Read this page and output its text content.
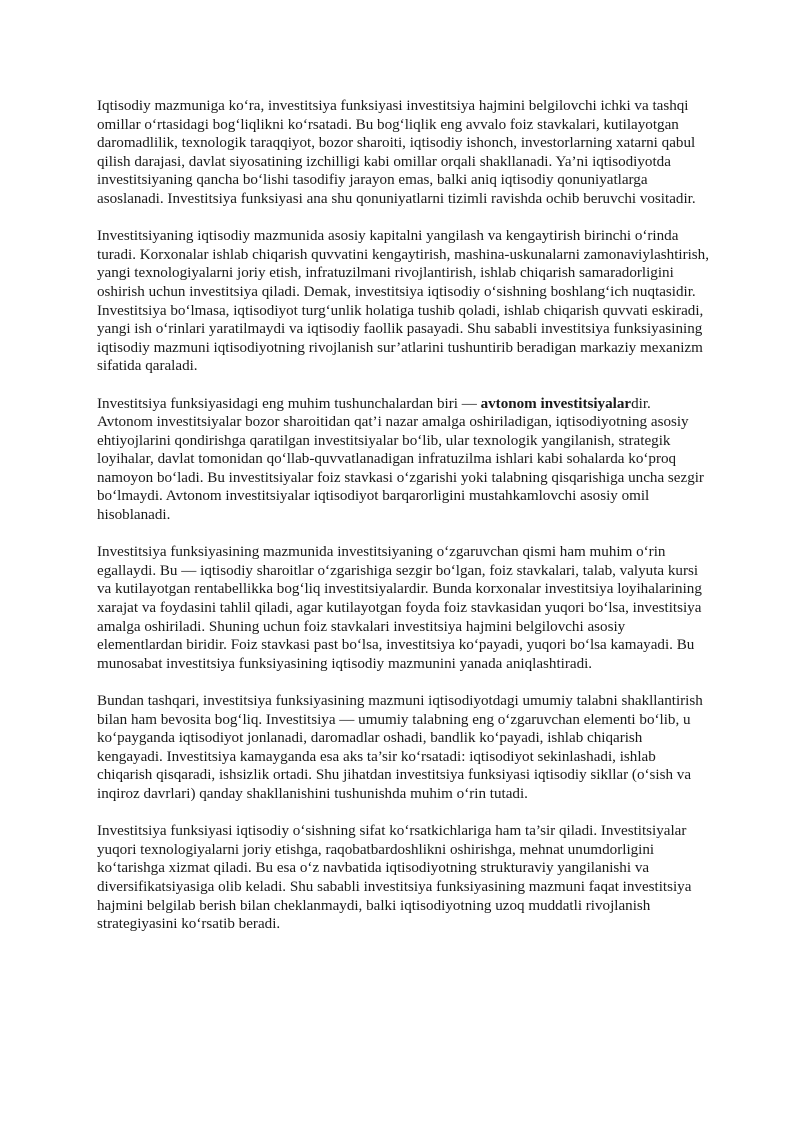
Iqtisodiy mazmuniga ko‘ra, investitsiya funksiyasi investitsiya hajmini belgilovchi ichki va tashqi omillar o‘rtasidagi bog‘liqlikni ko‘rsatadi. Bu bog‘liqlik eng avvalo foiz stavkalari, kutilayotgan daromadlilik, texnologik taraqqiyot, bozor sharoiti, iqtisodiy ishonch, investorlarning xatarni qabul qilish darajasi, davlat siyosatining izchilligi kabi omillar orqali shakllanadi. Ya’ni iqtisodiyotda investitsiyaning qancha bo‘lishi tasodifiy jarayon emas, balki aniq iqtisodiy qonuniyatlarga asoslanadi. Investitsiya funksiyasi ana shu qonuniyatlarni tizimli ravishda ochib beruvchi vositadir.

Investitsiyaning iqtisodiy mazmunida asosiy kapitalni yangilash va kengaytirish birinchi o‘rinda turadi. Korxonalar ishlab chiqarish quvvatini kengaytirish, mashina-uskunalarni zamonaviylashtirish, yangi texnologiyalarni joriy etish, infratuzilmani rivojlantirish, ishlab chiqarish samaradorligini oshirish uchun investitsiya qiladi. Demak, investitsiya iqtisodiy o‘sishning boshlang‘ich nuqtasidir. Investitsiya bo‘lmasa, iqtisodiyot turg‘unlik holatiga tushib qoladi, ishlab chiqarish quvvati eskiradi, yangi ish o‘rinlari yaratilmaydi va iqtisodiy faollik pasayadi. Shu sababli investitsiya funksiyasining iqtisodiy mazmuni iqtisodiyotning rivojlanish sur’atlarini tushuntirib beradigan markaziy mexanizm sifatida qaraladi.

Investitsiya funksiyasidagi eng muhim tushunchalardan biri — avtonom investitsiyalardir. Avtonom investitsiyalar bozor sharoitidan qat’i nazar amalga oshiriladigan, iqtisodiyotning asosiy ehtiyojlarini qondirishga qaratilgan investitsiyalar bo‘lib, ular texnologik yangilanish, strategik loyihalar, davlat tomonidan qo‘llab-quvvatlanadigan infratuzilma ishlari kabi sohalarda ko‘proq namoyon bo‘ladi. Bu investitsiyalar foiz stavkasi o‘zgarishi yoki talabning qisqarishiga uncha sezgir bo‘lmaydi. Avtonom investitsiyalar iqtisodiyot barqarorligini mustahkamlovchi asosiy omil hisoblanadi.

Investitsiya funksiyasining mazmunida investitsiyaning o‘zgaruvchan qismi ham muhim o‘rin egallaydi. Bu — iqtisodiy sharoitlar o‘zgarishiga sezgir bo‘lgan, foiz stavkalari, talab, valyuta kursi va kutilayotgan rentabellikka bog‘liq investitsiyalardir. Bunda korxonalar investitsiya loyihalarining xarajat va foydasini tahlil qiladi, agar kutilayotgan foyda foiz stavkasidan yuqori bo‘lsa, investitsiya amalga oshiriladi. Shuning uchun foiz stavkalari investitsiya hajmini belgilovchi asosiy elementlardan biridir. Foiz stavkasi past bo‘lsa, investitsiya ko‘payadi, yuqori bo‘lsa kamayadi. Bu munosabat investitsiya funksiyasining iqtisodiy mazmunini yanada aniqlashtiradi.

Bundan tashqari, investitsiya funksiyasining mazmuni iqtisodiyotdagi umumiy talabni shakllantirish bilan ham bevosita bog‘liq. Investitsiya — umumiy talabning eng o‘zgaruvchan elementi bo‘lib, u ko‘payganda iqtisodiyot jonlanadi, daromadlar oshadi, bandlik ko‘payadi, ishlab chiqarish kengayadi. Investitsiya kamayganda esa aks ta’sir ko‘rsatadi: iqtisodiyot sekinlashadi, ishlab chiqarish qisqaradi, ishsizlik ortadi. Shu jihatdan investitsiya funksiyasi iqtisodiy sikllar (o‘sish va inqiroz davrlari) qanday shakllanishini tushunishda muhim o‘rin tutadi.

Investitsiya funksiyasi iqtisodiy o‘sishning sifat ko‘rsatkichlariga ham ta’sir qiladi. Investitsiyalar yuqori texnologiyalarni joriy etishga, raqobatbardoshlikni oshirishga, mehnat unumdorligini ko‘tarishga xizmat qiladi. Bu esa o‘z navbatida iqtisodiyotning strukturaviy yangilanishi va diversifikatsiyasiga olib keladi. Shu sababli investitsiya funksiyasining mazmuni faqat investitsiya hajmini belgilab berish bilan cheklanmaydi, balki iqtisodiyotning uzoq muddatli rivojlanish strategiyasini ko‘rsatib beradi.
